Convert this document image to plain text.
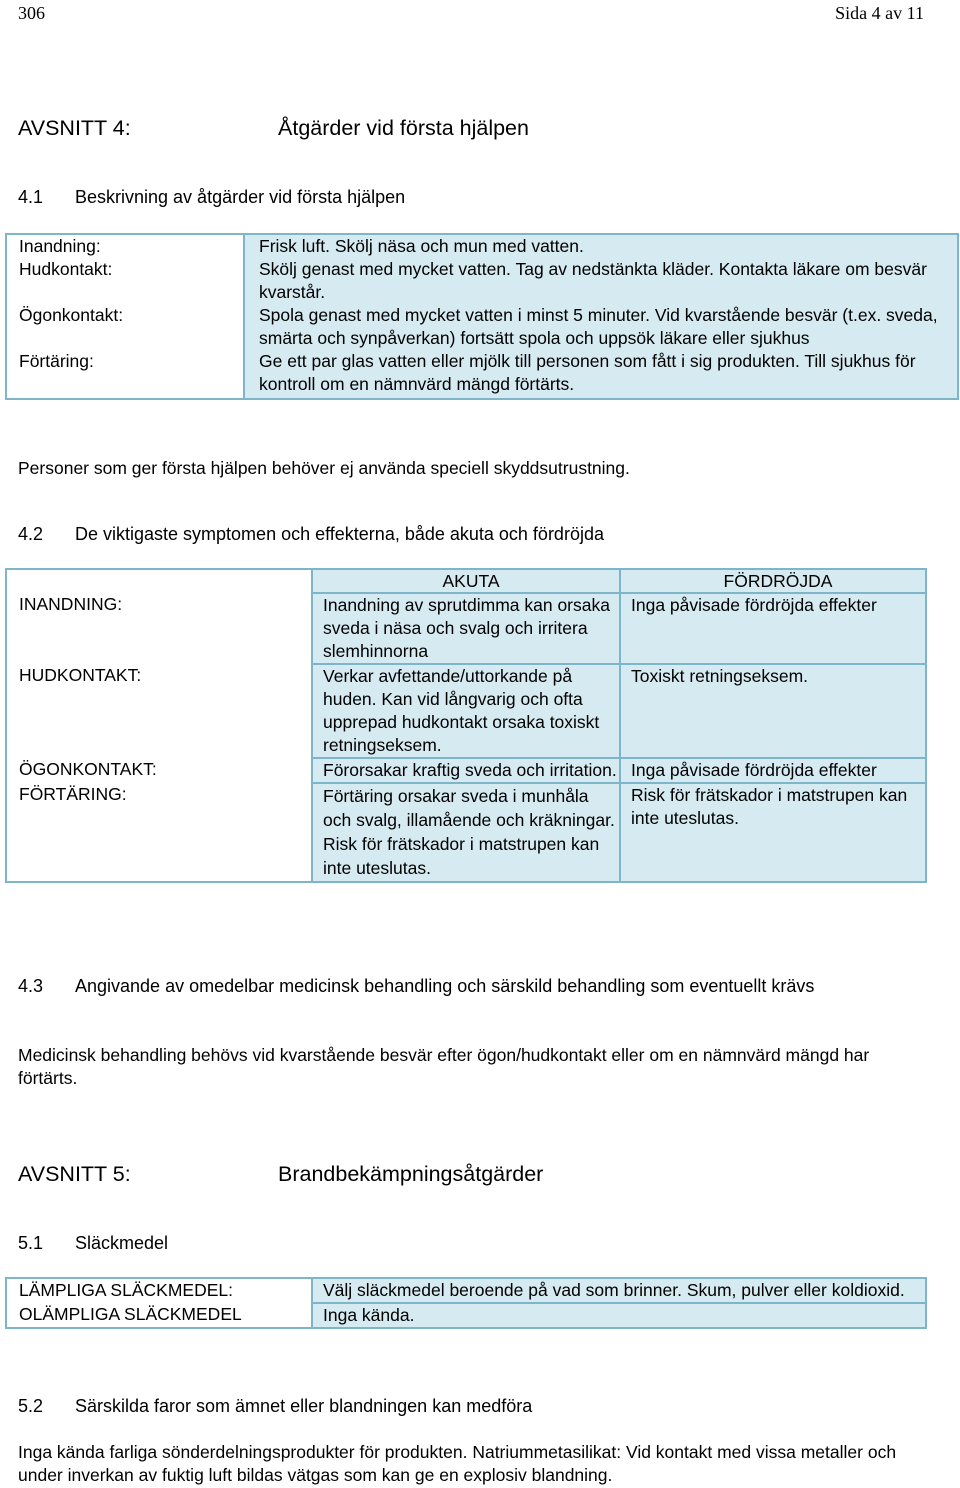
306	Sida 4 av 11
AVSNITT 4:	Åtgärder vid första hjälpen
4.1 Beskrivning av åtgärder vid första hjälpen
Inandning:	Frisk luft. Skölj näsa och mun med vatten.
Hudkontakt:	Skölj genast med mycket vatten. Tag av nedstänkta kläder. Kontakta läkare om besvär kvarstår.
Ögonkontakt:	Spola genast med mycket vatten i minst 5 minuter. Vid kvarstående besvär (t.ex. sveda, smärta och synpåverkan) fortsätt spola och uppsök läkare eller sjukhus
Förtäring:	Ge ett par glas vatten eller mjölk till personen som fått i sig produkten. Till sjukhus för kontroll om en nämnvärd mängd förtärts.
Personer som ger första hjälpen behöver ej använda speciell skyddsutrustning.
4.2 De viktigaste symptomen och effekterna, både akuta och fördröjda
	AKUTA	FÖRDRÖJDA
INANDNING:	Inandning av sprutdimma kan orsaka sveda i näsa och svalg och irritera slemhinnorna	Inga påvisade fördröjda effekter
HUDKONTAKT:	Verkar avfettande/uttorkande på huden. Kan vid långvarig och ofta upprepad hudkontakt orsaka toxiskt retningseksem.	Toxiskt retningseksem.
ÖGONKONTAKT:	Förorsakar kraftig sveda och irritation.	Inga påvisade fördröjda effekter
FÖRTÄRING:	Förtäring orsakar sveda i munhåla och svalg, illamående och kräkningar. Risk för frätskador i matstrupen kan inte uteslutas.	Risk för frätskador i matstrupen kan inte uteslutas.
4.3	Angivande av omedelbar medicinsk behandling och särskild behandling som eventuellt krävs
Medicinsk behandling behövs vid kvarstående besvär efter ögon/hudkontakt eller om en nämnvärd mängd har förtärts.
AVSNITT 5:	Brandbekämpningsåtgärder
5.1 Släckmedel
LÄMPLIGA SLÄCKMEDEL:	Välj släckmedel beroende på vad som brinner. Skum, pulver eller koldioxid.
OLÄMPLIGA SLÄCKMEDEL	Inga kända.
5.2 Särskilda faror som ämnet eller blandningen kan medföra
Inga kända farliga sönderdelningsprodukter för produkten. Natriummetasilikat: Vid kontakt med vissa metaller och under inverkan av fuktig luft bildas vätgas som kan ge en explosiv blandning.
